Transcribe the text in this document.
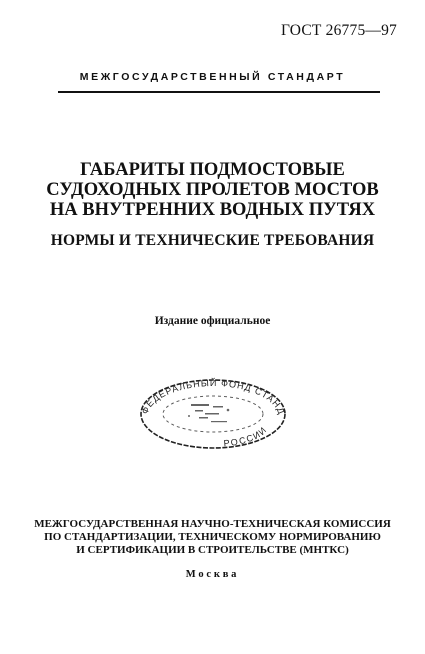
ГОСТ 26775—97
МЕЖГОСУДАРСТВЕННЫЙ СТАНДАРТ
ГАБАРИТЫ ПОДМОСТОВЫЕ
СУДОХОДНЫХ ПРОЛЕТОВ МОСТОВ
НА ВНУТРЕННИХ ВОДНЫХ ПУТЯХ
НОРМЫ И ТЕХНИЧЕСКИЕ ТРЕБОВАНИЯ
Издание официальное
ФЕДЕРАЛЬНЫЙ ФОНД СТАНД
РОССИИ
МЕЖГОСУДАРСТВЕННАЯ НАУЧНО-ТЕХНИЧЕСКАЯ КОМИССИЯ
ПО СТАНДАРТИЗАЦИИ, ТЕХНИЧЕСКОМУ НОРМИРОВАНИЮ
И СЕРТИФИКАЦИИ В СТРОИТЕЛЬСТВЕ (МНТКС)
Москва
